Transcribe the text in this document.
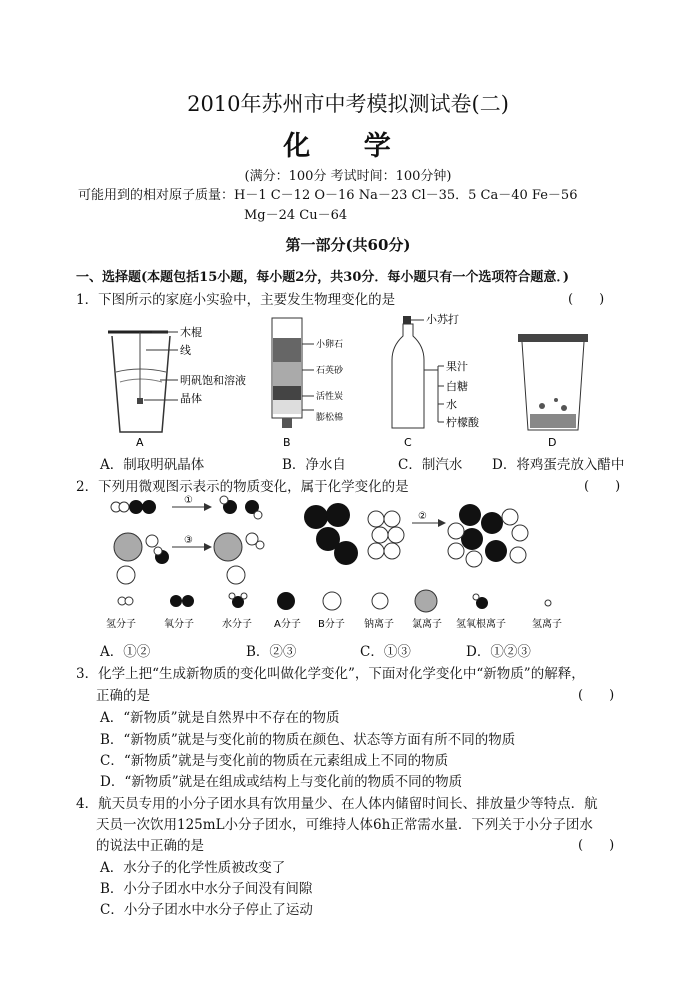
2010年苏州市中考模拟测试卷(二)
化 学
(满分：100分 考试时间：100分钟)
可能用到的相对原子质量：H－1 C－12 O－16 Na－23 Cl－35．5 Ca－40 Fe－56
Mg－24 Cu－64
第一部分(共60分)
一、选择题(本题包括15小题，每小题2分，共30分．每小题只有一个选项符合题意．)
1．下图所示的家庭小实验中，主要发生物理变化的是	(　　)
木棍
线
明矾饱和溶液
晶体
A
小卵石
石英砂
活性炭
膨松棉
B
小苏打
果汁
白糖
水
柠檬酸
C	D
A．制取明矾晶体	B．净水自	C．制汽水 D．将鸡蛋壳放入醋中
2．下列用微观图示表示的物质变化，属于化学变化的是	(　　)
①
③
②
氢分子	氧分子	水分子 A分子 B分子 钠离子 氯离子 氢氧根离子	氢离子
A．①②	B．②③	C．①③	D．①②③
3．化学上把“生成新物质的变化叫做化学变化”，下面对化学变化中“新物质”的解释，
正确的是	(　　)
A．“新物质”就是自然界中不存在的物质
B．“新物质”就是与变化前的物质在颜色、状态等方面有所不同的物质
C．“新物质”就是与变化前的物质在元素组成上不同的物质
D．“新物质”就是在组成或结构上与变化前的物质不同的物质
4．航天员专用的小分子团水具有饮用量少、在人体内储留时间长、排放量少等特点．航
天员一次饮用125mL小分子团水，可维持人体6h正常需水量．下列关于小分子团水
的说法中正确的是	(　　)
A．水分子的化学性质被改变了
B．小分子团水中水分子间没有间隙
C．小分子团水中水分子停止了运动
